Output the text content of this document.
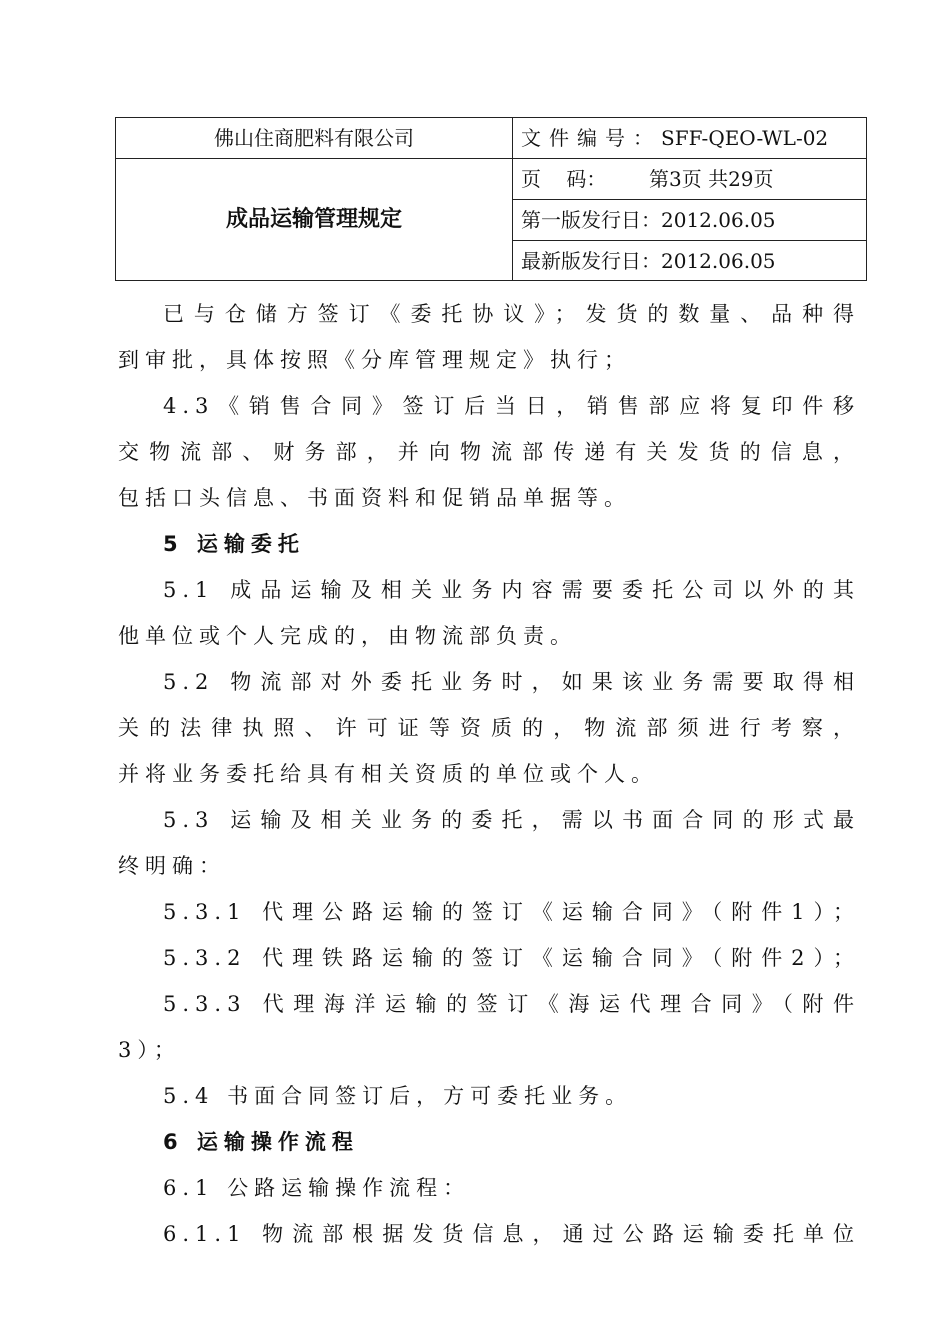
佛山住商肥料有限公司
成品运输管理规定
文件编号：SFF-QEO-WL-02
页    码： 第3页 共29页
第一版发行日：2012.06.05
最新版发行日：2012.06.05
已与仓储方签订《委托协议》；发货的数量、品种得
到审批，具体按照《分库管理规定》执行；
4.3《销售合同》签订后当日，销售部应将复印件移
交物流部、财务部，并向物流部传递有关发货的信息，
包括口头信息、书面资料和促销品单据等。
5 运输委托
5.1 成品运输及相关业务内容需要委托公司以外的其
他单位或个人完成的，由物流部负责。
5.2 物流部对外委托业务时，如果该业务需要取得相
关的法律执照、许可证等资质的，物流部须进行考察，
并将业务委托给具有相关资质的单位或个人。
5.3 运输及相关业务的委托，需以书面合同的形式最
终明确：
5.3.1 代理公路运输的签订《运输合同》（附件1）；
5.3.2 代理铁路运输的签订《运输合同》（附件2）；
5.3.3 代理海洋运输的签订《海运代理合同》（附件
3）；
5.4 书面合同签订后，方可委托业务。
6 运输操作流程
6.1 公路运输操作流程：
6.1.1 物流部根据发货信息，通过公路运输委托单位
